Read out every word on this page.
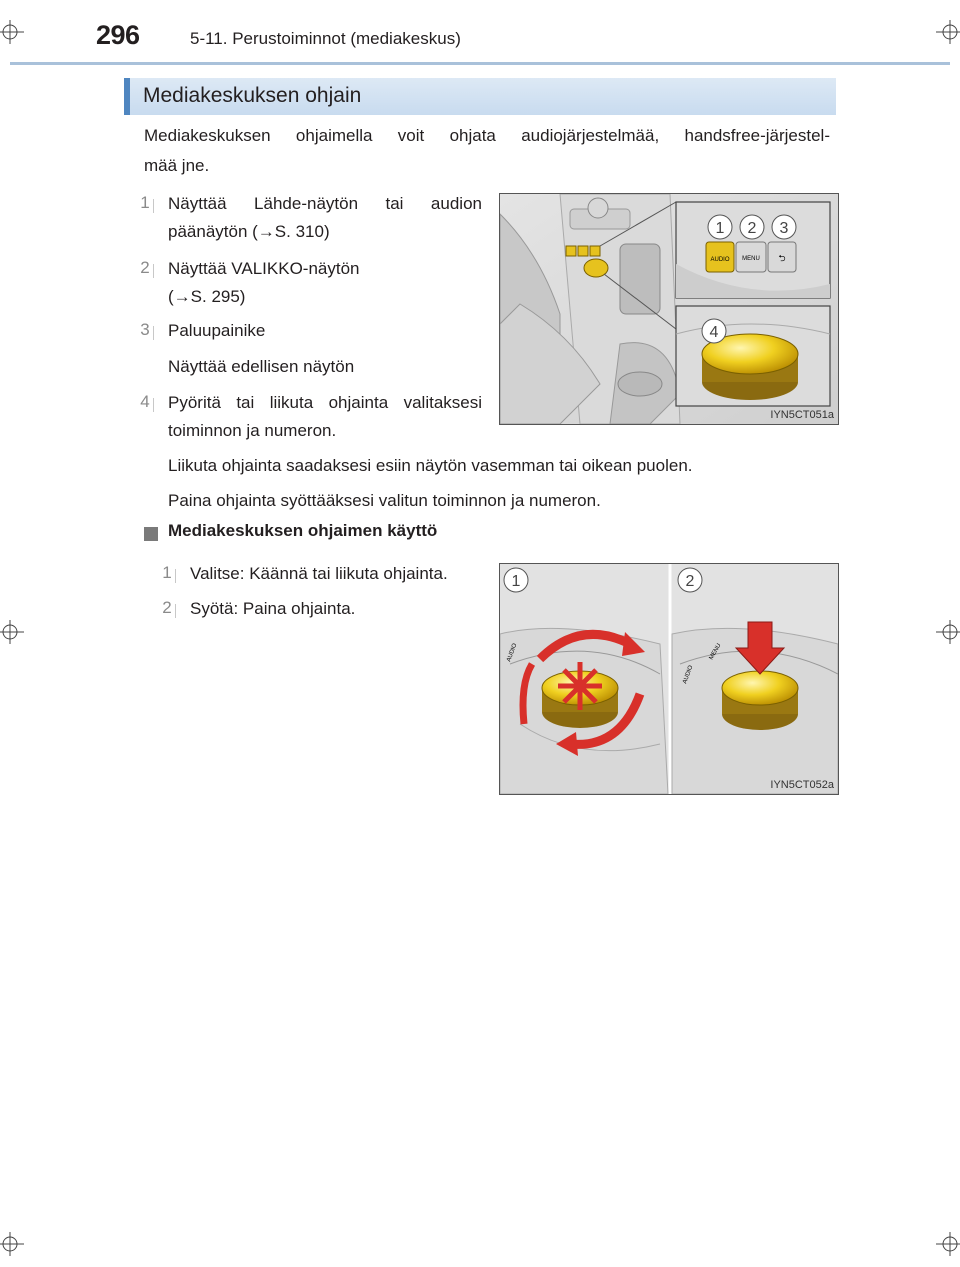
296	5-11. Perustoiminnot (mediakeskus)
Mediakeskuksen ohjain
Mediakeskuksen ohjaimella voit ohjata audiojärjestelmää, handsfree-järjestel-
mää jne.
1 Näyttää Lähde-näytön tai audion
päänäytön (→S. 310)
2 Näyttää VALIKKO-näytön
(→S. 295)
3 Paluupainike
Näyttää edellisen näytön
4 Pyöritä tai liikuta ohjainta valitaksesi
toiminnon ja numeron.
Liikuta ohjainta saadaksesi esiin näytön vasemman tai oikean puolen.
Paina ohjainta syöttääksesi valitun toiminnon ja numeron.
Mediakeskuksen ohjaimen käyttö
1 Valitse: Käännä tai liikuta ohjainta.
2 Syötä: Paina ohjainta.
AUDIO MENU ⮌
1 2 3
4
IYN5CT051a
AUDIO
AUDIO
MENU
1	2
IYN5CT052a
